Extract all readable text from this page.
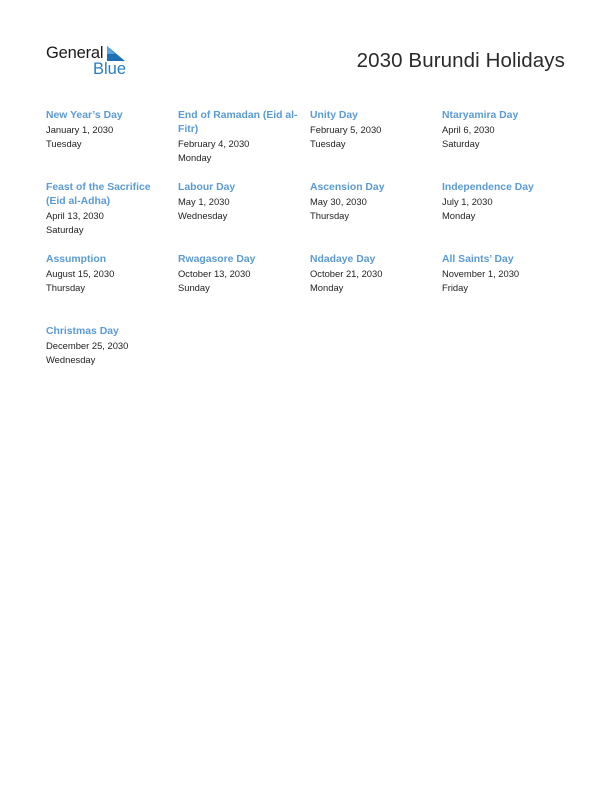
General
Blue	2030 Burundi Holidays
New Year’s Day
January 1, 2030
Tuesday
End of Ramadan (Eid al-Fitr)
February 4, 2030
Monday
Unity Day
February 5, 2030
Tuesday
Ntaryamira Day
April 6, 2030
Saturday
Feast of the Sacrifice (Eid al-Adha)
April 13, 2030
Saturday
Labour Day
May 1, 2030
Wednesday
Ascension Day
May 30, 2030
Thursday
Independence Day
July 1, 2030
Monday
Assumption
August 15, 2030
Thursday
Rwagasore Day
October 13, 2030
Sunday
Ndadaye Day
October 21, 2030
Monday
All Saints’ Day
November 1, 2030
Friday
Christmas Day
December 25, 2030
Wednesday
